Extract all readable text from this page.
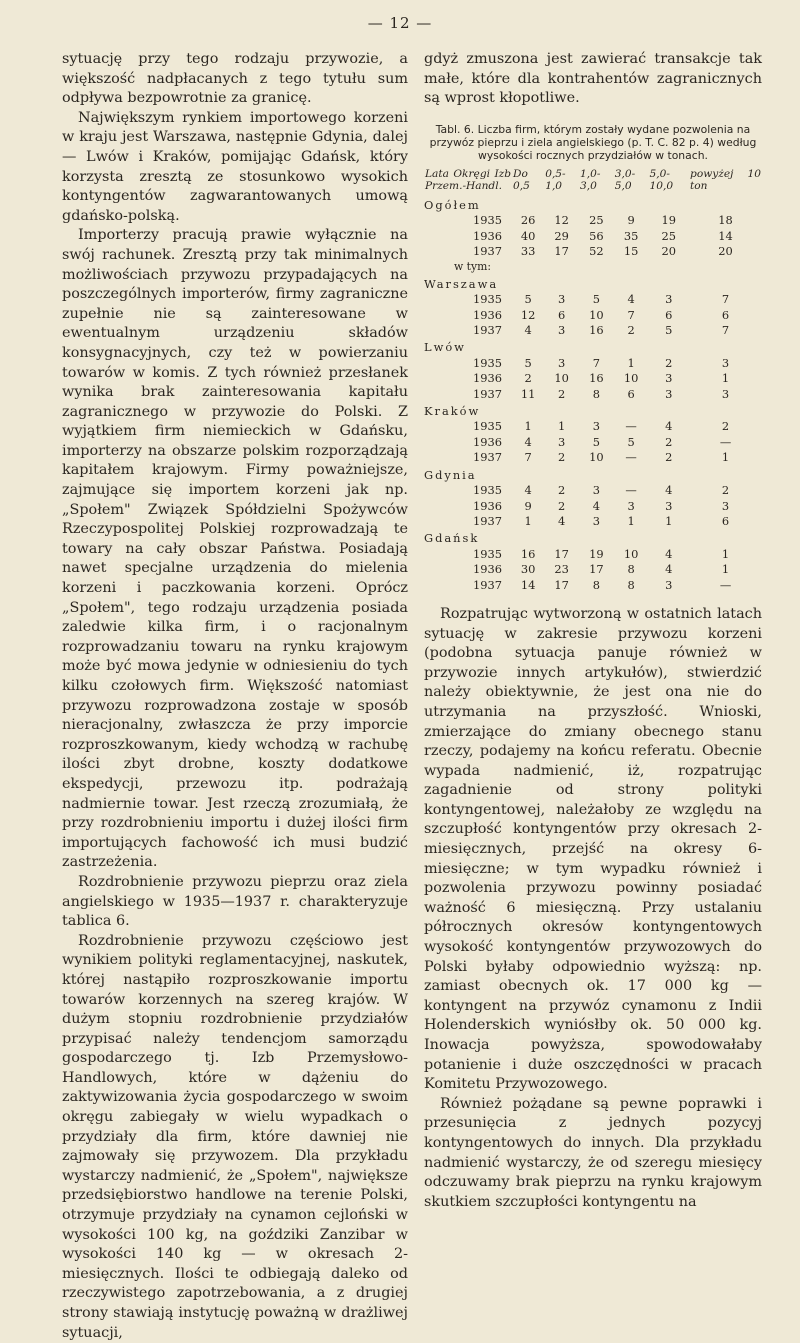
— 12 —

sytuację przy tego rodzaju przywozie, a większość nadpłacanych z tego tytułu sum odpływa bezpowrotnie za granicę.

Największym rynkiem importowego korzeni w kraju jest Warszawa, następnie Gdynia, dalej — Lwów i Kraków, pomijając Gdańsk, który korzysta zresztą ze stosunkowo wysokich kontyngentów zagwarantowanych umową gdańsko-polską.

Importerzy pracują prawie wyłącznie na swój rachunek. Zresztą przy tak minimalnych możliwościach przywozu przypadających na poszczególnych importerów, firmy zagraniczne zupełnie nie są zainteresowane w ewentualnym urządzeniu składów konsygnacyjnych, czy też w powierzaniu towarów w komis. Z tych również przesłanek wynika brak zainteresowania kapitału zagranicznego w przywozie do Polski. Z wyjątkiem firm niemieckich w Gdańsku, importerzy na obszarze polskim rozporządzają kapitałem krajowym. Firmy poważniejsze, zajmujące się importem korzeni jak np. „Społem" Związek Spółdzielni Spożywców Rzeczypospolitej Polskiej rozprowadzają te towary na cały obszar Państwa. Posiadają nawet specjalne urządzenia do mielenia korzeni i paczkowania korzeni. Oprócz „Społem", tego rodzaju urządzenia posiada zaledwie kilka firm, i o racjonalnym rozprowadzaniu towaru na rynku krajowym może być mowa jedynie w odniesieniu do tych kilku czołowych firm. Większość natomiast przywozu rozprowadzona zostaje w sposób nieracjonalny, zwłaszcza że przy imporcie rozproszkowanym, kiedy wchodzą w rachubę ilości zbyt drobne, koszty dodatkowe ekspedycji, przewozu itp. podrażają nadmiernie towar. Jest rzeczą zrozumiałą, że przy rozdrobnieniu importu i dużej ilości firm importujących fachowość ich musi budzić zastrzeżenia.

Rozdrobnienie przywozu pieprzu oraz ziela angielskiego w 1935—1937 r. charakteryzuje tablica 6.

Rozdrobnienie przywozu częściowo jest wynikiem polityki reglamentacyjnej, naskutek, której nastąpiło rozproszkowanie importu towarów korzennych na szereg krajów. W dużym stopniu rozdrobnienie przydziałów przypisać należy tendencjom samorządu gospodarczego tj. Izb Przemysłowo-Handlowych, które w dążeniu do zaktywizowania życia gospodarczego w swoim okręgu zabiegały w wielu wypadkach o przydziały dla firm, które dawniej nie zajmowały się przywozem. Dla przykładu wystarczy nadmienić, że „Społem", największe przedsiębiorstwo handlowe na terenie Polski, otrzymuje przydziały na cynamon cejloński w wysokości 100 kg, na goździki Zanzibar w wysokości 140 kg — w okresach 2-miesięcznych. Ilości te odbiegają daleko od rzeczywistego zapotrzebowania, a z drugiej strony stawiają instytucję poważną w drażliwej sytuacji,

gdyż zmuszona jest zawierać transakcje tak małe, które dla kontrahentów zagranicznych są wprost kłopotliwe.

Tabl. 6. Liczba firm, którym zostały wydane pozwolenia na przywóz pieprzu i ziela angielskiego (p. T. C. 82 p. 4) według wysokości rocznych przydziałów w tonach.
Lata Okręgi Izb Przem.-Handl.	Do 0,5	0,5-1,0	1,0-3,0	3,0-5,0	5,0-10,0	powyżej 10 ton
Ogółem						
1935	26	12	25	9	19	18
1936	40	29	56	35	25	14
1937	33	17	52	15	20	20
w tym:						
Warszawa						
1935	5	3	5	4	3	7
1936	12	6	10	7	6	6
1937	4	3	16	2	5	7
Lwów						
1935	5	3	7	1	2	3
1936	2	10	16	10	3	1
1937	11	2	8	6	3	3
Kraków						
1935	1	1	3	—	4	2
1936	4	3	5	5	2	—
1937	7	2	10	—	2	1
Gdynia						
1935	4	2	3	—	4	2
1936	9	2	4	3	3	3
1937	1	4	3	1	1	6
Gdańsk						
1935	16	17	19	10	4	1
1936	30	23	17	8	4	1
1937	14	17	8	8	3	—

Rozpatrując wytworzoną w ostatnich latach sytuację w zakresie przywozu korzeni (podobna sytuacja panuje również w przywozie innych artykułów), stwierdzić należy obiektywnie, że jest ona nie do utrzymania na przyszłość. Wnioski, zmierzające do zmiany obecnego stanu rzeczy, podajemy na końcu referatu. Obecnie wypada nadmienić, iż, rozpatrując zagadnienie od strony polityki kontyngentowej, należałoby ze względu na szczupłość kontyngentów przy okresach 2-miesięcznych, przejść na okresy 6-miesięczne; w tym wypadku również i pozwolenia przywozu powinny posiadać ważność 6 miesięczną. Przy ustalaniu półrocznych okresów kontyngentowych wysokość kontyngentów przywozowych do Polski byłaby odpowiednio wyższą: np. zamiast obecnych ok. 17 000 kg — kontyngent na przywóz cynamonu z Indii Holenderskich wyniósłby ok. 50 000 kg. Inowacja powyższa, spowodowałaby potanienie i duże oszczędności w pracach Komitetu Przywozowego.

Również pożądane są pewne poprawki i przesunięcia z jednych pozycyj kontyngentowych do innych. Dla przykładu nadmienić wystarczy, że od szeregu miesięcy odczuwamy brak pieprzu na rynku krajowym skutkiem szczupłości kontyngentu na
